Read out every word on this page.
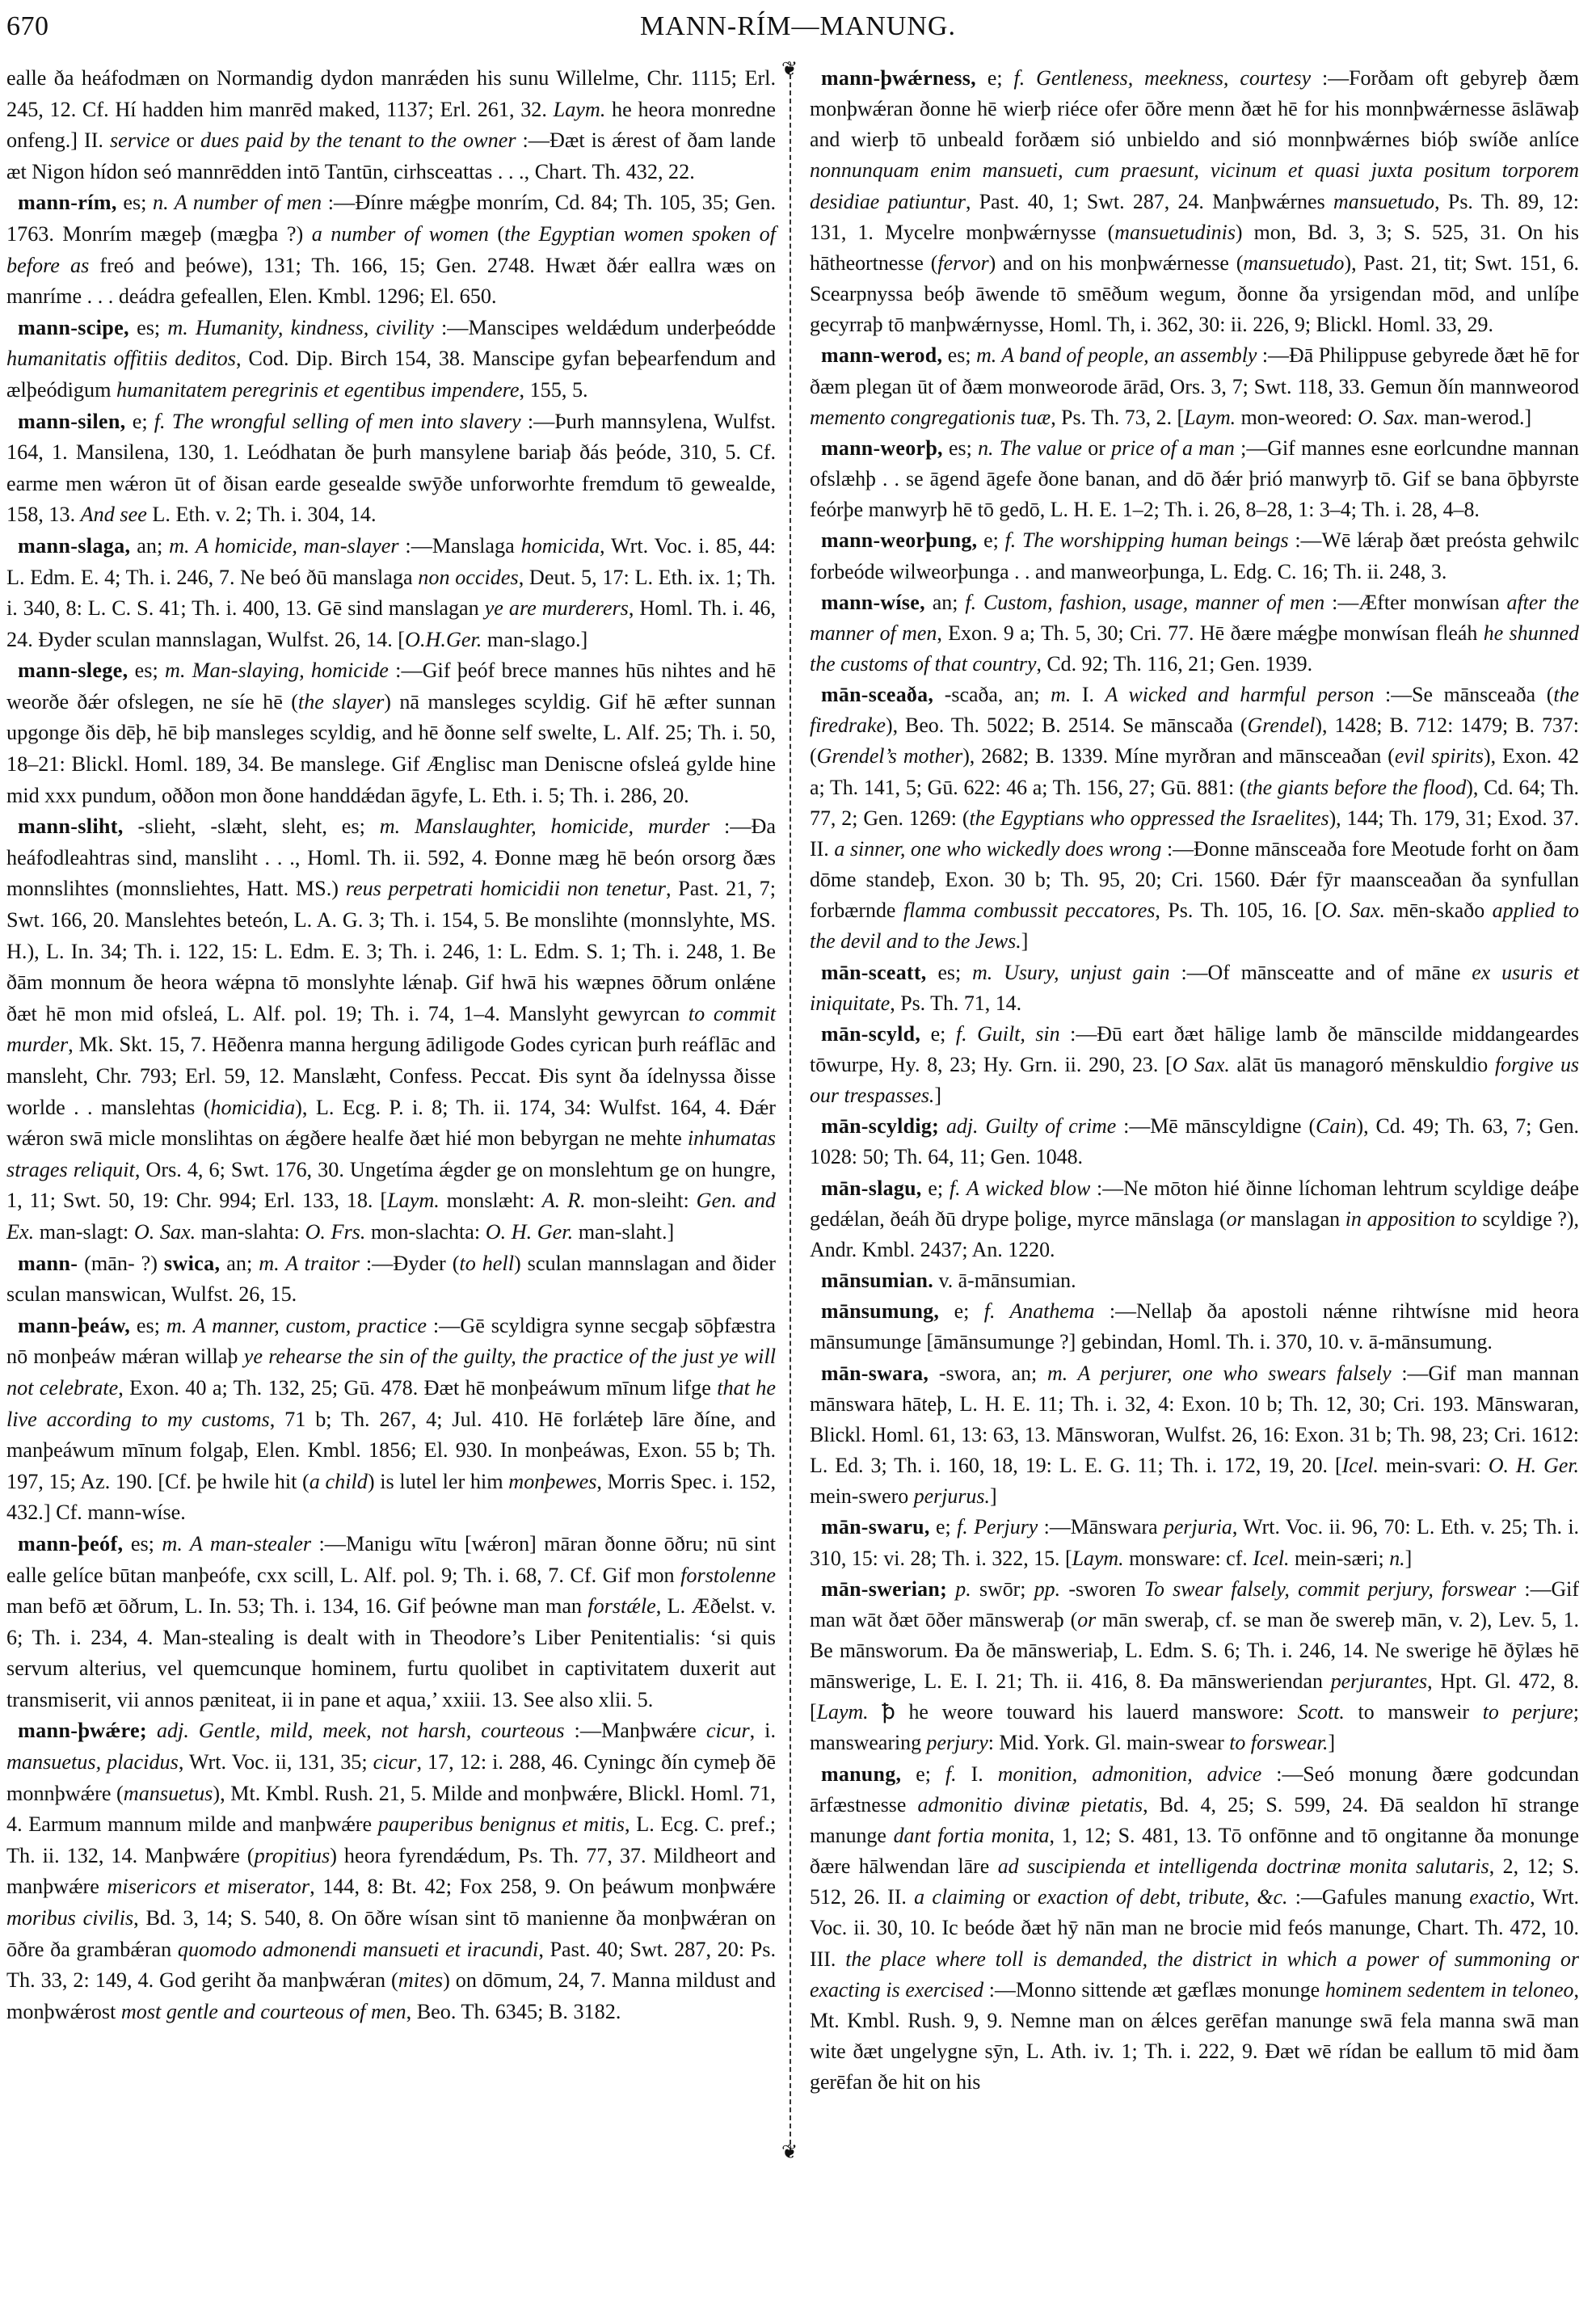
670	MANN-RÍM—MANUNG.

ealle ða heáfodmæn on Normandig dydon manrǽden his sunu Willelme, Chr. 1115; Erl. 245, 12. Cf. Hí hadden him manrēd maked, 1137; Erl. 261, 32. Laym. he heora monredne onfeng.] II. service or dues paid by the tenant to the owner :—Ðæt is ǽrest of ðam lande æt Nigon hídon seó mannrēdden intō Tantūn, cirhsceattas . . ., Chart. Th. 432, 22.

mann-rím, es; n. A number of men :—Ðínre mǽgþe monrím, Cd. 84; Th. 105, 35; Gen. 1763. Monrím mægeþ (mægþa ?) a number of women (the Egyptian women spoken of before as freó and þeówe), 131; Th. 166, 15; Gen. 2748. Hwæt ðǽr eallra wæs on manríme . . . deádra gefeallen, Elen. Kmbl. 1296; El. 650.

mann-scipe, es; m. Humanity, kindness, civility :—Manscipes weldǽdum underþeódde humanitatis offitiis deditos, Cod. Dip. Birch 154, 38. Manscipe gyfan beþearfendum and ælþeódigum humanitatem peregrinis et egentibus impendere, 155, 5.

mann-silen, e; f. The wrongful selling of men into slavery :—Þurh mannsylena, Wulfst. 164, 1. Mansilena, 130, 1. Leódhatan ðe þurh mansylene bariaþ ðás þeóde, 310, 5. Cf. earme men wǽron ūt of ðisan earde gesealde swȳðe unforworhte fremdum tō gewealde, 158, 13. And see L. Eth. v. 2; Th. i. 304, 14.

mann-slaga, an; m. A homicide, man-slayer :—Manslaga homicida, Wrt. Voc. i. 85, 44: L. Edm. E. 4; Th. i. 246, 7. Ne beó ðū manslaga non occides, Deut. 5, 17: L. Eth. ix. 1; Th. i. 340, 8: L. C. S. 41; Th. i. 400, 13. Gē sind manslagan ye are murderers, Homl. Th. i. 46, 24. Ðyder sculan mannslagan, Wulfst. 26, 14. [O.H.Ger. man-slago.]

mann-slege, es; m. Man-slaying, homicide :—Gif þeóf brece mannes hūs nihtes and hē weorðe ðǽr ofslegen, ne síe hē (the slayer) nā mansleges scyldig. Gif hē æfter sunnan upgonge ðis dēþ, hē biþ mansleges scyldig, and hē ðonne self swelte, L. Alf. 25; Th. i. 50, 18–21: Blickl. Homl. 189, 34. Be manslege. Gif Ænglisc man Deniscne ofsleá gylde hine mid xxx pundum, oððon mon ðone handdǽdan āgyfe, L. Eth. i. 5; Th. i. 286, 20.

mann-sliht, -slieht, -slæht, sleht, es; m. Manslaughter, homicide, murder :—Ða heáfodleahtras sind, mansliht . . ., Homl. Th. ii. 592, 4. Ðonne mæg hē beón orsorg ðæs monnslihtes (monnsliehtes, Hatt. MS.) reus perpetrati homicidii non tenetur, Past. 21, 7; Swt. 166, 20. Manslehtes beteón, L. A. G. 3; Th. i. 154, 5. Be monslihte (monnslyhte, MS. H.), L. In. 34; Th. i. 122, 15: L. Edm. E. 3; Th. i. 246, 1: L. Edm. S. 1; Th. i. 248, 1. Be ðām monnum ðe heora wǽpna tō monslyhte lǽnaþ. Gif hwā his wæpnes ōðrum onlǽne ðæt hē mon mid ofsleá, L. Alf. pol. 19; Th. i. 74, 1–4. Manslyht gewyrcan to commit murder, Mk. Skt. 15, 7. Hēðenra manna hergung ādiligode Godes cyrican þurh reáflāc and mansleht, Chr. 793; Erl. 59, 12. Manslæht, Confess. Peccat. Ðis synt ða ídelnyssa ðisse worlde . . manslehtas (homicidia), L. Ecg. P. i. 8; Th. ii. 174, 34: Wulfst. 164, 4. Ðǽr wǽron swā micle monslihtas on ǽgðere healfe ðæt hié mon bebyrgan ne mehte inhumatas strages reliquit, Ors. 4, 6; Swt. 176, 30. Ungetíma ǽgder ge on monslehtum ge on hungre, 1, 11; Swt. 50, 19: Chr. 994; Erl. 133, 18. [Laym. monslæht: A. R. mon-sleiht: Gen. and Ex. man-slagt: O. Sax. man-slahta: O. Frs. mon-slachta: O. H. Ger. man-slaht.]

mann- (mān- ?) swica, an; m. A traitor :—Ðyder (to hell) sculan mannslagan and ðider sculan manswican, Wulfst. 26, 15.

mann-þeáw, es; m. A manner, custom, practice :—Gē scyldigra synne secgaþ sōþfæstra nō monþeáw mǽran willaþ ye rehearse the sin of the guilty, the practice of the just ye will not celebrate, Exon. 40 a; Th. 132, 25; Gū. 478. Ðæt hē monþeáwum mīnum lifge that he live according to my customs, 71 b; Th. 267, 4; Jul. 410. Hē forlǽteþ lāre ðíne, and manþeáwum mīnum folgaþ, Elen. Kmbl. 1856; El. 930. In monþeáwas, Exon. 55 b; Th. 197, 15; Az. 190. [Cf. þe hwile hit (a child) is lutel ler him monþewes, Morris Spec. i. 152, 432.] Cf. mann-wíse.

mann-þeóf, es; m. A man-stealer :—Manigu wītu [wǽron] māran ðonne ōðru; nū sint ealle gelíce būtan manþeófe, cxx scill, L. Alf. pol. 9; Th. i. 68, 7. Cf. Gif mon forstolenne man befō æt ōðrum, L. In. 53; Th. i. 134, 16. Gif þeówne man man forstǽle, L. Æðelst. v. 6; Th. i. 234, 4. Man-stealing is dealt with in Theodore’s Liber Penitentialis: ‘si quis servum alterius, vel quemcunque hominem, furtu quolibet in captivitatem duxerit aut transmiserit, vii annos pæniteat, ii in pane et aqua,’ xxiii. 13. See also xlii. 5.

mann-þwǽre; adj. Gentle, mild, meek, not harsh, courteous :—Manþwǽre cicur, i. mansuetus, placidus, Wrt. Voc. ii, 131, 35; cicur, 17, 12: i. 288, 46. Cyningc ðín cymeþ ðē monnþwǽre (mansuetus), Mt. Kmbl. Rush. 21, 5. Milde and monþwǽre, Blickl. Homl. 71, 4. Earmum mannum milde and manþwǽre pauperibus benignus et mitis, L. Ecg. C. pref.; Th. ii. 132, 14. Manþwǽre (propitius) heora fyrendǽdum, Ps. Th. 77, 37. Mildheort and manþwǽre misericors et miserator, 144, 8: Bt. 42; Fox 258, 9. On þeáwum monþwǽre moribus civilis, Bd. 3, 14; S. 540, 8. On ōðre wísan sint tō manienne ða monþwǽran on ōðre ða grambǽran quomodo admonendi mansueti et iracundi, Past. 40; Swt. 287, 20: Ps. Th. 33, 2: 149, 4. God geriht ða manþwǽran (mites) on dōmum, 24, 7. Manna mildust and monþwǽrost most gentle and courteous of men, Beo. Th. 6345; B. 3182.

❦
❦

mann-þwǽrness, e; f. Gentleness, meekness, courtesy :—Forðam oft gebyreþ ðæm monþwǽran ðonne hē wierþ riéce ofer ōðre menn ðæt hē for his monnþwǽrnesse āslāwaþ and wierþ tō unbeald forðæm sió unbieldo and sió monnþwǽrnes bióþ swíðe anlíce nonnunquam enim mansueti, cum praesunt, vicinum et quasi juxta positum torporem desidiae patiuntur, Past. 40, 1; Swt. 287, 24. Manþwǽrnes mansuetudo, Ps. Th. 89, 12: 131, 1. Mycelre monþwǽrnysse (mansuetudinis) mon, Bd. 3, 3; S. 525, 31. On his hātheortnesse (fervor) and on his monþwǽrnesse (mansuetudo), Past. 21, tit; Swt. 151, 6. Scearpnyssa beóþ āwende tō smēðum wegum, ðonne ða yrsigendan mōd, and unlíþe gecyrraþ tō manþwǽrnysse, Homl. Th, i. 362, 30: ii. 226, 9; Blickl. Homl. 33, 29.

mann-werod, es; m. A band of people, an assembly :—Ðā Philippuse gebyrede ðæt hē for ðæm plegan ūt of ðæm monweorode ārād, Ors. 3, 7; Swt. 118, 33. Gemun ðín mannweorod memento congregationis tuæ, Ps. Th. 73, 2. [Laym. mon-weored: O. Sax. man-werod.]

mann-weorþ, es; n. The value or price of a man ;—Gif mannes esne eorlcundne mannan ofslæhþ . . se āgend āgefe ðone banan, and dō ðǽr þrió manwyrþ tō. Gif se bana ōþbyrste feórþe manwyrþ hē tō gedō, L. H. E. 1–2; Th. i. 26, 8–28, 1: 3–4; Th. i. 28, 4–8.

mann-weorþung, e; f. The worshipping human beings :—Wē lǽraþ ðæt preósta gehwilc forbeóde wilweorþunga . . and manweorþunga, L. Edg. C. 16; Th. ii. 248, 3.

mann-wíse, an; f. Custom, fashion, usage, manner of men :—Æfter monwísan after the manner of men, Exon. 9 a; Th. 5, 30; Cri. 77. Hē ðære mǽgþe monwísan fleáh he shunned the customs of that country, Cd. 92; Th. 116, 21; Gen. 1939.

mān-sceaða, -scaða, an; m. I. A wicked and harmful person :—Se mānsceaða (the firedrake), Beo. Th. 5022; B. 2514. Se mānscaða (Grendel), 1428; B. 712: 1479; B. 737: (Grendel’s mother), 2682; B. 1339. Míne myrðran and mānsceaðan (evil spirits), Exon. 42 a; Th. 141, 5; Gū. 622: 46 a; Th. 156, 27; Gū. 881: (the giants before the flood), Cd. 64; Th. 77, 2; Gen. 1269: (the Egyptians who oppressed the Israelites), 144; Th. 179, 31; Exod. 37. II. a sinner, one who wickedly does wrong :—Ðonne mānsceaða fore Meotude forht on ðam dōme standeþ, Exon. 30 b; Th. 95, 20; Cri. 1560. Ðǽr fȳr maansceaðan ða synfullan forbærnde flamma combussit peccatores, Ps. Th. 105, 16. [O. Sax. mēn-skaðo applied to the devil and to the Jews.]

mān-sceatt, es; m. Usury, unjust gain :—Of mānsceatte and of māne ex usuris et iniquitate, Ps. Th. 71, 14.

mān-scyld, e; f. Guilt, sin :—Ðū eart ðæt hālige lamb ðe mānscilde middangeardes tōwurpe, Hy. 8, 23; Hy. Grn. ii. 290, 23. [O Sax. alāt ūs managoró mēnskuldio forgive us our trespasses.]

mān-scyldig; adj. Guilty of crime :—Mē mānscyldigne (Cain), Cd. 49; Th. 63, 7; Gen. 1028: 50; Th. 64, 11; Gen. 1048.

mān-slagu, e; f. A wicked blow :—Ne mōton hié ðinne líchoman lehtrum scyldige deáþe gedǽlan, ðeáh ðū drype þolige, myrce mānslaga (or manslagan in apposition to scyldige ?), Andr. Kmbl. 2437; An. 1220.

mānsumian. v. ā-mānsumian.

mānsumung, e; f. Anathema :—Nellaþ ða apostoli nǽnne rihtwísne mid heora mānsumunge [āmānsumunge ?] gebindan, Homl. Th. i. 370, 10. v. ā-mānsumung.

mān-swara, -swora, an; m. A perjurer, one who swears falsely :—Gif man mannan mānswara hāteþ, L. H. E. 11; Th. i. 32, 4: Exon. 10 b; Th. 12, 30; Cri. 193. Mānswaran, Blickl. Homl. 61, 13: 63, 13. Mānsworan, Wulfst. 26, 16: Exon. 31 b; Th. 98, 23; Cri. 1612: L. Ed. 3; Th. i. 160, 18, 19: L. E. G. 11; Th. i. 172, 19, 20. [Icel. mein-svari: O. H. Ger. mein-swero perjurus.]

mān-swaru, e; f. Perjury :—Mānswara perjuria, Wrt. Voc. ii. 96, 70: L. Eth. v. 25; Th. i. 310, 15: vi. 28; Th. i. 322, 15. [Laym. monsware: cf. Icel. mein-særi; n.]

mān-swerian; p. swōr; pp. -sworen To swear falsely, commit perjury, forswear :—Gif man wāt ðæt ōðer mānsweraþ (or mān sweraþ, cf. se man ðe swereþ mān, v. 2), Lev. 5, 1. Be mānsworum. Ða ðe mānsweriaþ, L. Edm. S. 6; Th. i. 246, 14. Ne swerige hē ðȳlæs hē mānswerige, L. E. I. 21; Th. ii. 416, 8. Ða mānsweriendan perjurantes, Hpt. Gl. 472, 8. [Laym. ꝥ he weore touward his lauerd manswore: Scott. to mansweir to perjure; manswearing perjury: Mid. York. Gl. main-swear to forswear.]

manung, e; f. I. monition, admonition, advice :—Seó monung ðære godcundan ārfæstnesse admonitio divinæ pietatis, Bd. 4, 25; S. 599, 24. Ðā sealdon hī strange manunge dant fortia monita, 1, 12; S. 481, 13. Tō onfōnne and tō ongitanne ða monunge ðære hālwendan lāre ad suscipienda et intelligenda doctrinæ monita salutaris, 2, 12; S. 512, 26. II. a claiming or exaction of debt, tribute, &c. :—Gafules manung exactio, Wrt. Voc. ii. 30, 10. Ic beóde ðæt hȳ nān man ne brocie mid feós manunge, Chart. Th. 472, 10. III. the place where toll is demanded, the district in which a power of summoning or exacting is exercised :—Monno sittende æt gæflæs monunge hominem sedentem in teloneo, Mt. Kmbl. Rush. 9, 9. Nemne man on ǽlces gerēfan manunge swā fela manna swā man wite ðæt ungelygne sȳn, L. Ath. iv. 1; Th. i. 222, 9. Ðæt wē rídan be eallum tō mid ðam gerēfan ðe hit on his
